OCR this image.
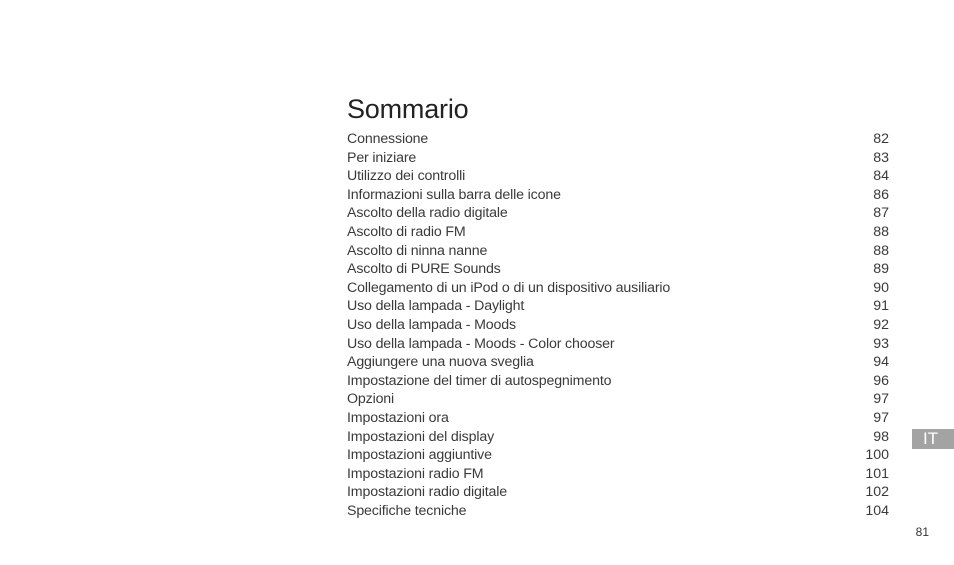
Sommario
Connessione	82
Per iniziare	83
Utilizzo dei controlli	84
Informazioni sulla barra delle icone	86
Ascolto della radio digitale	87
Ascolto di radio FM	88
Ascolto di ninna nanne	88
Ascolto di PURE Sounds	89
Collegamento di un iPod o di un dispositivo ausiliario	90
Uso della lampada - Daylight	91
Uso della lampada - Moods	92
Uso della lampada - Moods - Color chooser	93
Aggiungere una nuova sveglia	94
Impostazione del timer di autospegnimento	96
Opzioni	97
Impostazioni ora	97
Impostazioni del display	98
Impostazioni aggiuntive	100
Impostazioni radio FM	101
Impostazioni radio digitale	102
Specifiche tecniche	104
IT
81
